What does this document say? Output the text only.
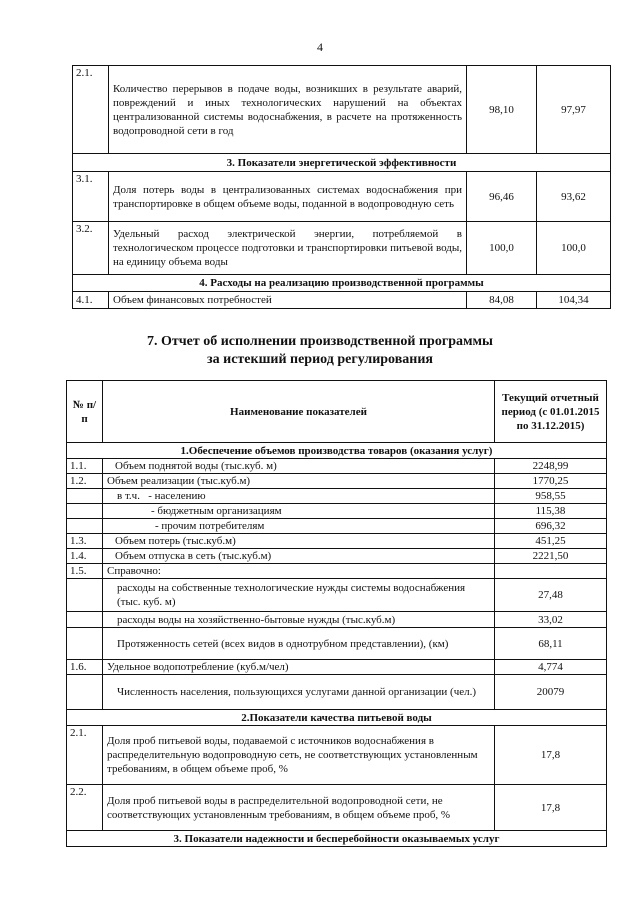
4
2.1.	Количество перерывов в подаче воды, возникших в результате аварий, повреждений и иных технологических нарушений на объектах централизованной системы водоснабжения, в расчете на протяженность водопроводной сети в год	98,10	97,97
3. Показатели энергетической эффективности			
3.1.	Доля потерь воды в централизованных системах водоснабжения при транспортировке в общем объеме воды, поданной в водопроводную сеть	96,46	93,62
3.2.	Удельный расход электрической энергии, потребляемой в технологическом процессе подготовки и транспортировки питьевой воды, на единицу объема воды	100,0	100,0
4. Расходы на реализацию производственной программы			
4.1.	Объем финансовых потребностей	84,08	104,34
7. Отчет об исполнении производственной программы
за истекший период регулирования
№ п/п	Наименование показателей	Текущий отчетный период (с 01.01.2015 по 31.12.2015)
1.Обеспечение объемов производства товаров (оказания услуг)		
1.1.	Объем поднятой воды (тыс.куб. м)	2248,99
1.2.	Объем реализации (тыс.куб.м)	1770,25
	в т.ч.   - населению	958,55
	- бюджетным организациям	115,38
	- прочим потребителям	696,32
1.3.	Объем потерь (тыс.куб.м)	451,25
1.4.	Объем отпуска в сеть (тыс.куб.м)	2221,50
1.5.	Справочно:	
	расходы на собственные технологические нужды системы водоснабжения (тыс. куб. м)	27,48
	расходы воды на хозяйственно-бытовые нужды (тыс.куб.м)	33,02
	Протяженность сетей (всех видов в однотрубном представлении), (км)	68,11
1.6.	Удельное водопотребление (куб.м/чел)	4,774
	Численность населения, пользующихся услугами данной организации (чел.)	20079
2.Показатели качества питьевой воды		
2.1.	Доля проб питьевой воды, подаваемой с источников водоснабжения в распределительную водопроводную сеть, не соответствующих установленным требованиям, в общем объеме проб, %	17,8
2.2.	Доля проб питьевой воды в распределительной водопроводной сети, не соответствующих установленным требованиям, в общем объеме проб, %	17,8
3. Показатели надежности и бесперебойности оказываемых услуг		
